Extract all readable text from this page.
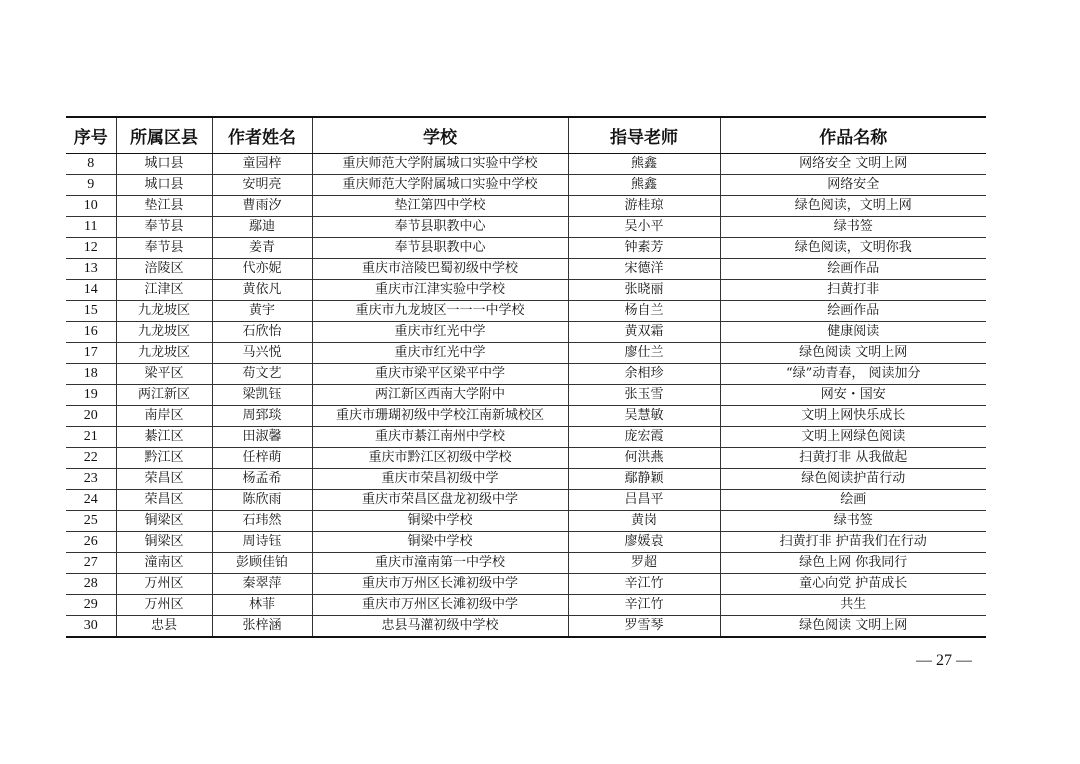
序号	所属区县	作者姓名	学校	指导老师	作品名称
8	城口县	童园梓	重庆师范大学附属城口实验中学校	熊鑫	网络安全 文明上网
9	城口县	安明亮	重庆师范大学附属城口实验中学校	熊鑫	网络安全
10	垫江县	曹雨汐	垫江第四中学校	游桂琼	绿色阅读，文明上网
11	奉节县	鄢迪	奉节县职教中心	吴小平	绿书签
12	奉节县	姜青	奉节县职教中心	钟素芳	绿色阅读，文明你我
13	涪陵区	代亦妮	重庆市涪陵巴蜀初级中学校	宋德洋	绘画作品
14	江津区	黄依凡	重庆市江津实验中学校	张晓丽	扫黄打非
15	九龙坡区	黄宇	重庆市九龙坡区一一一中学校	杨自兰	绘画作品
16	九龙坡区	石欣怡	重庆市红光中学	黄双霜	健康阅读
17	九龙坡区	马兴悦	重庆市红光中学	廖仕兰	绿色阅读 文明上网
18	梁平区	苟文艺	重庆市梁平区梁平中学	余相珍	“绿”动青春， 阅读加分
19	两江新区	梁凯钰	两江新区西南大学附中	张玉雪	网安・国安
20	南岸区	周郅琰	重庆市珊瑚初级中学校江南新城校区	吴慧敏	文明上网快乐成长
21	綦江区	田淑馨	重庆市綦江南州中学校	庞宏霞	文明上网绿色阅读
22	黔江区	任梓萌	重庆市黔江区初级中学校	何洪燕	扫黄打非 从我做起
23	荣昌区	杨孟希	重庆市荣昌初级中学	鄢静颖	绿色阅读护苗行动
24	荣昌区	陈欣雨	重庆市荣昌区盘龙初级中学	吕昌平	绘画
25	铜梁区	石玮然	铜梁中学校	黄岗	绿书签
26	铜梁区	周诗钰	铜梁中学校	廖媛袁	扫黄打非 护苗我们在行动
27	潼南区	彭顾佳铂	重庆市潼南第一中学校	罗超	绿色上网 你我同行
28	万州区	秦翠萍	重庆市万州区长滩初级中学	辛江竹	童心向党 护苗成长
29	万州区	林菲	重庆市万州区长滩初级中学	辛江竹	共生
30	忠县	张梓涵	忠县马灌初级中学校	罗雪琴	绿色阅读 文明上网
— 27 —
